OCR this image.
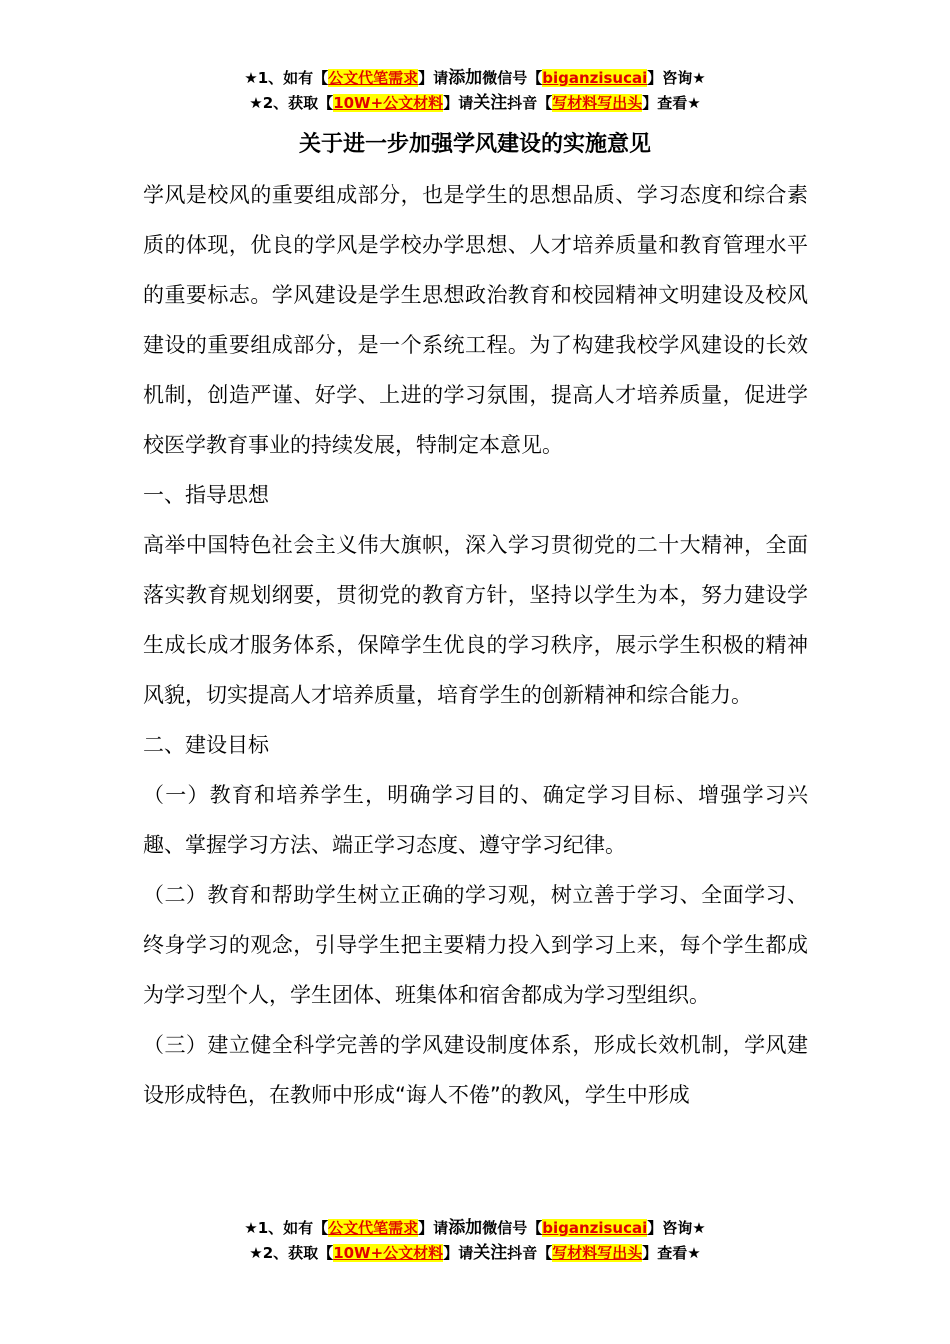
★1、如有【公文代笔需求】请添加微信号【biganzisucai】咨询★
★2、获取【10W+公文材料】请关注抖音【写材料写出头】查看★
关于进一步加强学风建设的实施意见

学风是校风的重要组成部分，也是学生的思想品质、学习态度和综合素质的体现，优良的学风是学校办学思想、人才培养质量和教育管理水平的重要标志。学风建设是学生思想政治教育和校园精神文明建设及校风建设的重要组成部分，是一个系统工程。为了构建我校学风建设的长效机制，创造严谨、好学、上进的学习氛围，提高人才培养质量，促进学校医学教育事业的持续发展，特制定本意见。

一、指导思想

高举中国特色社会主义伟大旗帜，深入学习贯彻党的二十大精神，全面落实教育规划纲要，贯彻党的教育方针，坚持以学生为本，努力建设学生成长成才服务体系，保障学生优良的学习秩序，展示学生积极的精神风貌，切实提高人才培养质量，培育学生的创新精神和综合能力。

二、建设目标

（一）教育和培养学生，明确学习目的、确定学习目标、增强学习兴趣、掌握学习方法、端正学习态度、遵守学习纪律。

（二）教育和帮助学生树立正确的学习观，树立善于学习、全面学习、终身学习的观念，引导学生把主要精力投入到学习上来，每个学生都成为学习型个人，学生团体、班集体和宿舍都成为学习型组织。

（三）建立健全科学完善的学风建设制度体系，形成长效机制，学风建设形成特色，在教师中形成“诲人不倦”的教风，学生中形成

★1、如有【公文代笔需求】请添加微信号【biganzisucai】咨询★
★2、获取【10W+公文材料】请关注抖音【写材料写出头】查看★
